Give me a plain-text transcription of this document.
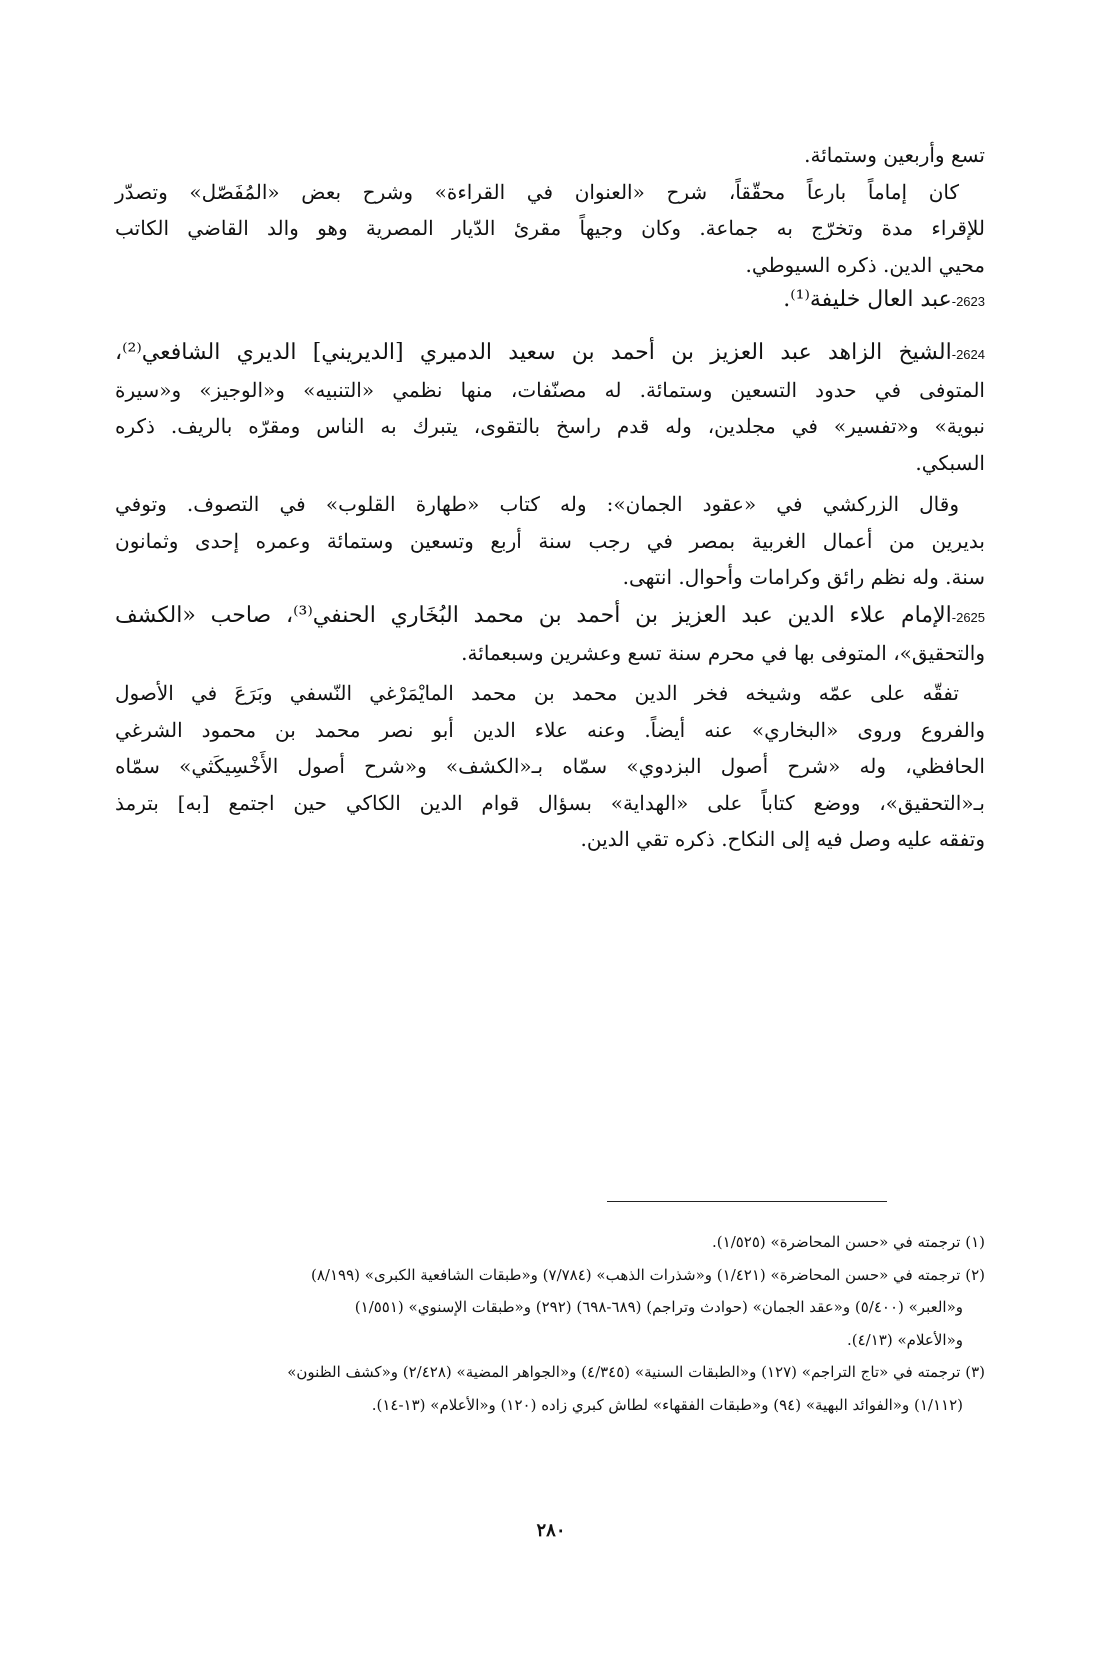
تسع وأربعين وستمائة.
كان إماماً بارعاً محقّقاً، شرح «العنوان في القراءة» وشرح بعض «المُفَصّل» وتصدّر
للإقراء مدة وتخرّج به جماعة. وكان وجيهاً مقرئ الدّيار المصرية وهو والد القاضي الكاتب
محيي الدين. ذكره السيوطي.
2623-عبد العال خليفة⁽¹⁾.
2624-الشيخ الزاهد عبد العزيز بن أحمد بن سعيد الدميري [الديريني] الديري الشافعي⁽²⁾،
المتوفى في حدود التسعين وستمائة. له مصنّفات، منها نظمي «التنبيه» و«الوجيز» و«سيرة
نبوية» و«تفسير» في مجلدين، وله قدم راسخ بالتقوى، يتبرك به الناس ومقرّه بالريف. ذكره
السبكي.
وقال الزركشي في «عقود الجمان»: وله كتاب «طهارة القلوب» في التصوف. وتوفي
بديرين من أعمال الغربية بمصر في رجب سنة أربع وتسعين وستمائة وعمره إحدى وثمانون
سنة. وله نظم رائق وكرامات وأحوال. انتهى.
2625-الإمام علاء الدين عبد العزيز بن أحمد بن محمد البُخَاري الحنفي⁽³⁾، صاحب «الكشف
والتحقيق»، المتوفى بها في محرم سنة تسع وعشرين وسبعمائة.
تفقّه على عمّه وشيخه فخر الدين محمد بن محمد المايْمَرْغي النّسفي وبَرَعَ في الأصول
والفروع وروى «البخاري» عنه أيضاً. وعنه علاء الدين أبو نصر محمد بن محمود الشرغي
الحافظي، وله «شرح أصول البزدوي» سمّاه بـ«الكشف» و«شرح أصول الأَخْسِيكَثي» سمّاه
بـ«التحقيق»، ووضع كتاباً على «الهداية» بسؤال قوام الدين الكاكي حين اجتمع [به] بترمذ
وتفقه عليه وصل فيه إلى النكاح. ذكره تقي الدين.
(١) ترجمته في «حسن المحاضرة» (١/٥٢٥).
(٢) ترجمته في «حسن المحاضرة» (١/٤٢١) و«شذرات الذهب» (٧/٧٨٤) و«طبقات الشافعية الكبرى» (٨/١٩٩)
و«العبر» (٥/٤٠٠) و«عقد الجمان» (حوادث وتراجم) (٦٨٩-٦٩٨) (٢٩٢) و«طبقات الإسنوي» (١/٥٥١)
و«الأعلام» (٤/١٣).
(٣) ترجمته في «تاج التراجم» (١٢٧) و«الطبقات السنية» (٤/٣٤٥) و«الجواهر المضية» (٢/٤٢٨) و«كشف الظنون»
(١/١١٢) و«الفوائد البهية» (٩٤) و«طبقات الفقهاء» لطاش كبري زاده (١٢٠) و«الأعلام» (١٣-١٤).
٢٨٠
